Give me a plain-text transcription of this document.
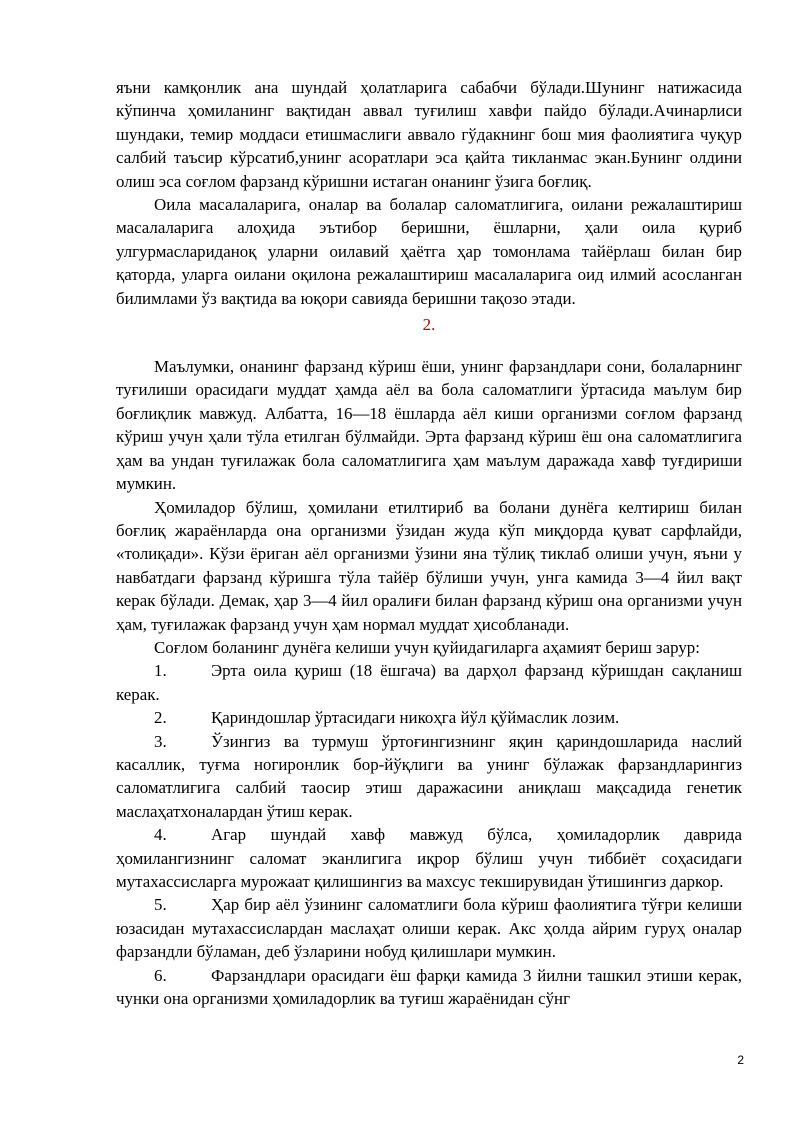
яъни камқонлик ана шундай ҳолатларига сабабчи бўлади.Шунинг натижасида кўпинча ҳомиланинг вақтидан аввал туғилиш хавфи пайдо бўлади.Ачинарлиси шундаки, темир моддаси етишмаслиги аввало гўдакнинг бош мия фаолиятига чуқур салбий таъсир кўрсатиб,унинг асоратлари эса қайта тикланмас экан.Бунинг олдини олиш эса соғлом фарзанд кўришни истаган онанинг ўзига боғлиқ.

Оила масалаларига, оналар ва болалар саломатлигига, оилани режалаштириш масалаларига алоҳида эътибор беришни, ёшларни, ҳали оила қуриб улгурмаслариданоқ уларни оилавий ҳаётга ҳар томонлама тайёрлаш билан бир қаторда, уларга оилани оқилона режалаштириш масалаларига оид илмий асосланган билимлами ўз вақтида ва юқори савияда беришни тақозо этади.

2.

Маълумки, онанинг фарзанд кўриш ёши, унинг фарзандлари сони, болаларнинг туғилиши орасидаги муддат ҳамда аёл ва бола саломатлиги ўртасида маълум бир боғлиқлик мавжуд. Албатта, 16—18 ёшларда аёл киши организми соғлом фарзанд кўриш учун ҳали тўла етилган бўлмайди. Эрта фарзанд кўриш ёш она саломатлигига ҳам ва ундан туғилажак бола саломатлигига ҳам маълум даражада хавф туғдириши мумкин.

Ҳомиладор бўлиш, ҳомилани етилтириб ва болани дунёга келтириш билан боғлиқ жараёнларда она организми ўзидан жуда кўп миқдорда қуват сарфлайди, «толиқади». Кўзи ёриган аёл организми ўзини яна тўлиқ тиклаб олиши учун, яъни у навбатдаги фарзанд кўришга тўла тайёр бўлиши учун, унга камида 3—4 йил вақт керак бўлади. Демак, ҳар 3—4 йил оралиғи билан фарзанд кўриш она организми учун ҳам, туғилажак фарзанд учун ҳам нормал муддат ҳисобланади.

Соғлом боланинг дунёга келиши учун қуйидагиларга аҳамият бериш зарур:

1.	Эрта оила қуриш (18 ёшгача) ва дарҳол фарзанд кўришдан сақланиш керак.

2.	Қариндошлар ўртасидаги никоҳга йўл қўймаслик лозим.

3.	Ўзингиз ва турмуш ўртоғингизнинг яқин қариндошларида наслий касаллик, туғма ногиронлик бор-йўқлиги ва унинг бўлажак фарзандларингиз саломатлигига салбий таосир этиш даражасини аниқлаш мақсадида генетик маслаҳатхоналардан ўтиш керак.

4.	Агар шундай хавф мавжуд бўлса, ҳомиладорлик даврида ҳомилангизнинг саломат эканлигига иқрор бўлиш учун тиббиёт соҳасидаги мутахассисларга мурожаат қилишингиз ва махсус текширувидан ўтишингиз даркор.

5.	Ҳар бир аёл ўзининг саломатлиги бола кўриш фаолиятига тўғри келиши юзасидан мутахассислардан маслаҳат олиши керак. Акс ҳолда айрим гуруҳ оналар фарзандли бўламан, деб ўзларини нобуд қилишлари мумкин.

6.	Фарзандлари орасидаги ёш фарқи камида 3 йилни ташкил этиши керак, чунки она организми ҳомиладорлик ва туғиш жараёнидан сўнг

2
